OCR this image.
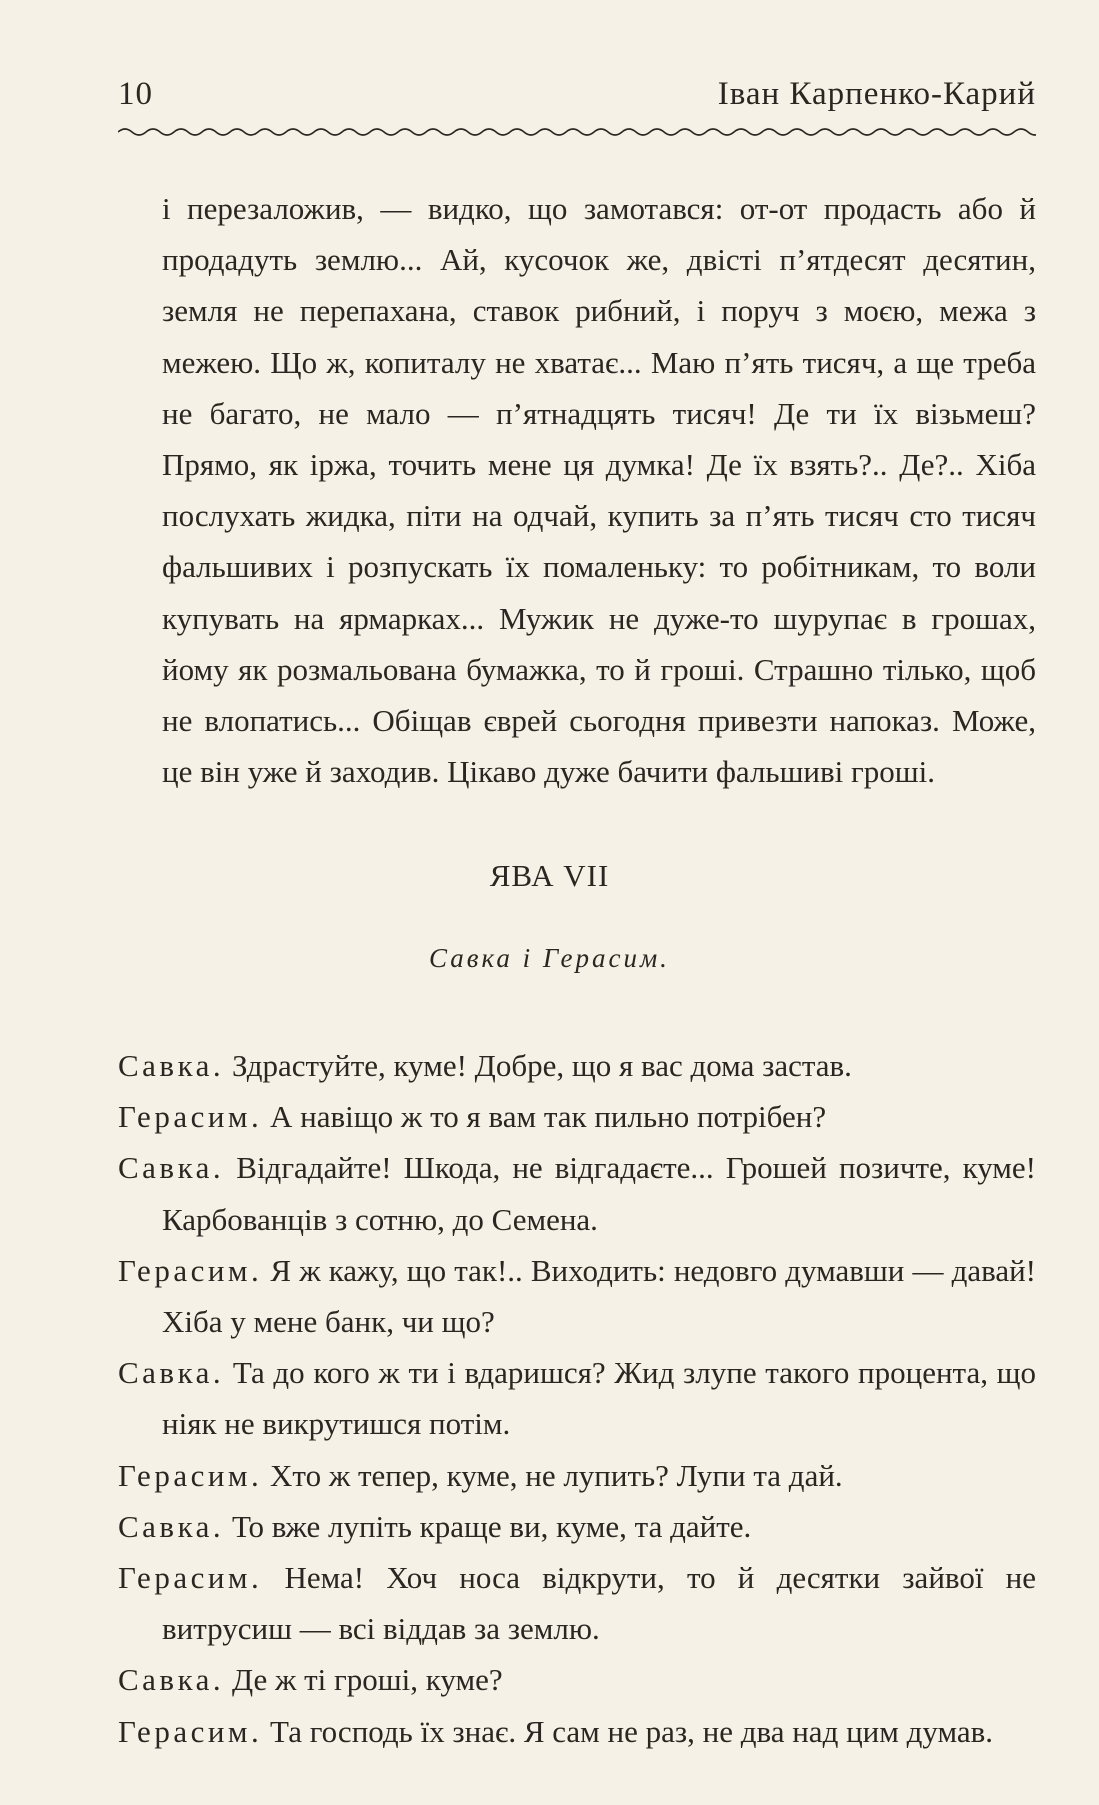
10	Іван Карпенко-Карий

і перезаложив, — видко, що замотався: от-от продасть або й продадуть землю... Ай, кусочок же, двісті п’ятдесят десятин, земля не перепахана, ставок рибний, і поруч з моєю, межа з межею. Що ж, копиталу не хватає... Маю п’ять тисяч, а ще треба не багато, не мало — п’ятнадцять тисяч! Де ти їх візьмеш? Прямо, як іржа, точить мене ця думка! Де їх взять?.. Де?.. Хіба послухать жидка, піти на одчай, купить за п’ять тисяч сто тисяч фальшивих і розпускать їх помаленьку: то робітникам, то воли купувать на ярмарках... Мужик не дуже-то шурупає в грошах, йому як розмальована бумажка, то й гроші. Страшно тілько, щоб не влопатись... Обіщав єврей сьогодня привезти напоказ. Може, це він уже й заходив. Цікаво дуже бачити фальшиві гроші.

ЯВА VII
Савка і Герасим.

Савка. Здрастуйте, куме! Добре, що я вас дома застав.

Герасим. А навіщо ж то я вам так пильно потрібен?

Савка. Відгадайте! Шкода, не відгадаєте... Грошей позичте, куме! Карбованців з сотню, до Семена.

Герасим. Я ж кажу, що так!.. Виходить: недовго думавши — давай! Хіба у мене банк, чи що?

Савка. Та до кого ж ти і вдаришся? Жид злупе такого процента, що ніяк не викрутишся потім.

Герасим. Хто ж тепер, куме, не лупить? Лупи та дай.

Савка. То вже лупіть краще ви, куме, та дайте.

Герасим. Нема! Хоч носа відкрути, то й десятки зайвої не витрусиш — всі віддав за землю.

Савка. Де ж ті гроші, куме?

Герасим. Та господь їх знає. Я сам не раз, не два над цим думав.
